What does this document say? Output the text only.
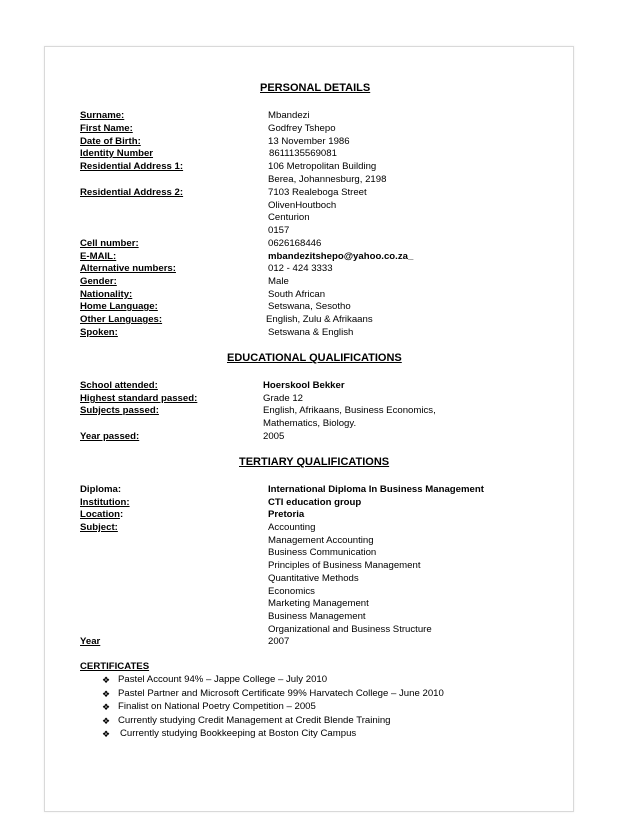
PERSONAL DETAILS
Surname:	Mbandezi
First Name:	Godfrey Tshepo
Date of Birth:	13 November 1986
Identity Number	8611135569081
Residential Address 1:	106 Metropolitan Building
Berea, Johannesburg, 2198
Residential Address 2:	7103 Realeboga Street
OlivenHoutboch
Centurion
0157
Cell number:	0626168446
E-MAIL:	mbandezitshepo@yahoo.co.za_
Alternative numbers:	012 - 424 3333
Gender:	Male
Nationality:	South African
Home Language:	Setswana, Sesotho
Other Languages:	English, Zulu & Afrikaans
Spoken:	Setswana & English
EDUCATIONAL QUALIFICATIONS
School attended:	Hoerskool Bekker
Highest standard passed:	Grade 12
Subjects passed:	English, Afrikaans, Business Economics,
Mathematics, Biology.
Year passed:	2005
TERTIARY QUALIFICATIONS
Diploma:	International Diploma In Business Management
Institution:	CTI education group
Location:	Pretoria
Subject:	Accounting
Management Accounting
Business Communication
Principles of Business Management
Quantitative Methods
Economics
Marketing Management
Business Management
Organizational and Business Structure
Year	2007
CERTIFICATES
❖ Pastel Account 94% – Jappe College – July 2010
❖ Pastel Partner and Microsoft Certificate 99% Harvatech College – June 2010
❖ Finalist on National Poetry Competition – 2005
❖ Currently studying Credit Management at Credit Blende Training
❖ Currently studying Bookkeeping at Boston City Campus
